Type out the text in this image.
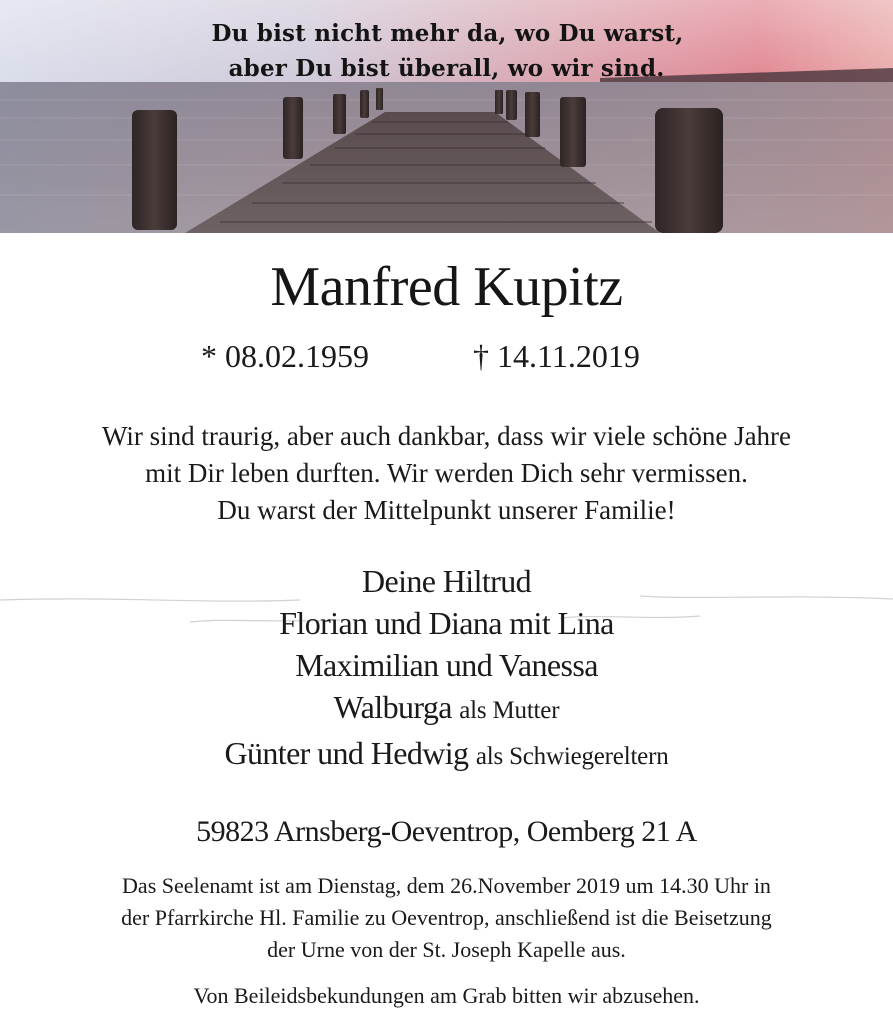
Du bist nicht mehr da, wo Du warst,
aber Du bist überall, wo wir sind.
Manfred Kupitz
* 08.02.1959	† 14.11.2019
Wir sind traurig, aber auch dankbar, dass wir viele schöne Jahre
mit Dir leben durften. Wir werden Dich sehr vermissen.
Du warst der Mittelpunkt unserer Familie!
Deine Hiltrud
Florian und Diana mit Lina
Maximilian und Vanessa
Walburga als Mutter
Günter und Hedwig als Schwiegereltern
59823 Arnsberg-Oeventrop, Oemberg 21 A
Das Seelenamt ist am Dienstag, dem 26.November 2019 um 14.30 Uhr in
der Pfarrkirche Hl. Familie zu Oeventrop, anschließend ist die Beisetzung
der Urne von der St. Joseph Kapelle aus.
Von Beileidsbekundungen am Grab bitten wir abzusehen.
